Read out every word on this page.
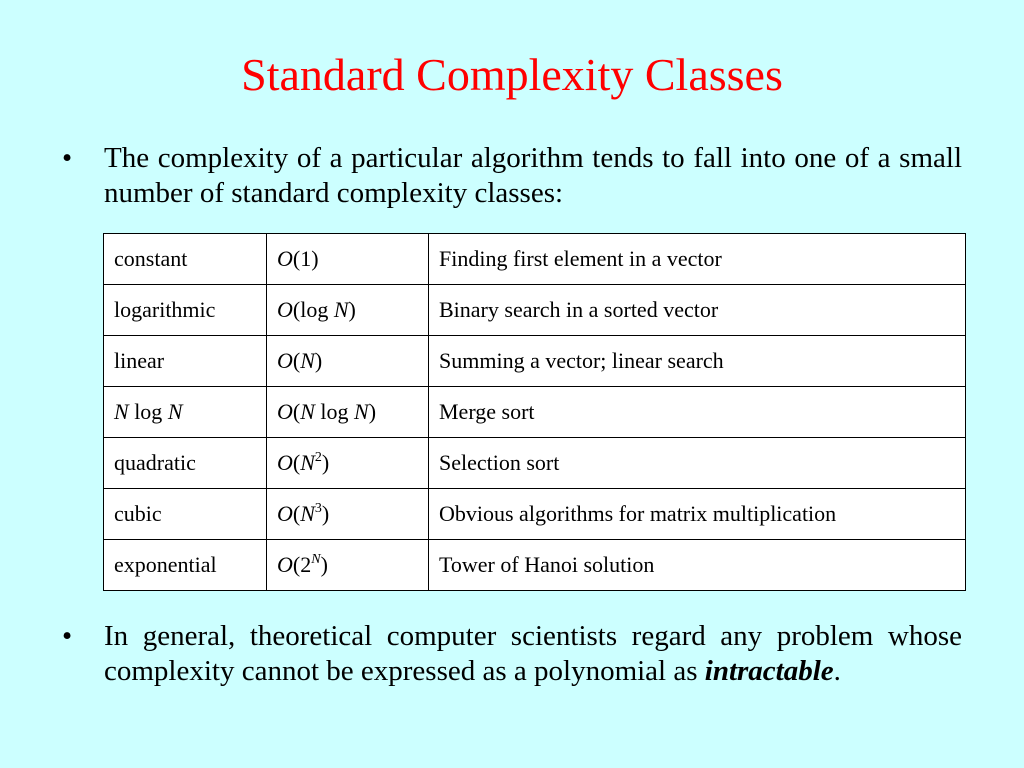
Standard Complexity Classes
•	The complexity of a particular algorithm tends to fall into one of a small number of standard complexity classes:
constant	O(1)	Finding first element in a vector
logarithmic	O(log N)	Binary search in a sorted vector
linear	O(N)	Summing a vector; linear search
N log N	O(N log N)	Merge sort
quadratic	$O(N^2)$	Selection sort
cubic	$O(N^3)$	Obvious algorithms for matrix multiplication
exponential	$O(2^N)$	Tower of Hanoi solution
•	In general, theoretical computer scientists regard any problem whose complexity cannot be expressed as a polynomial as intractable.
